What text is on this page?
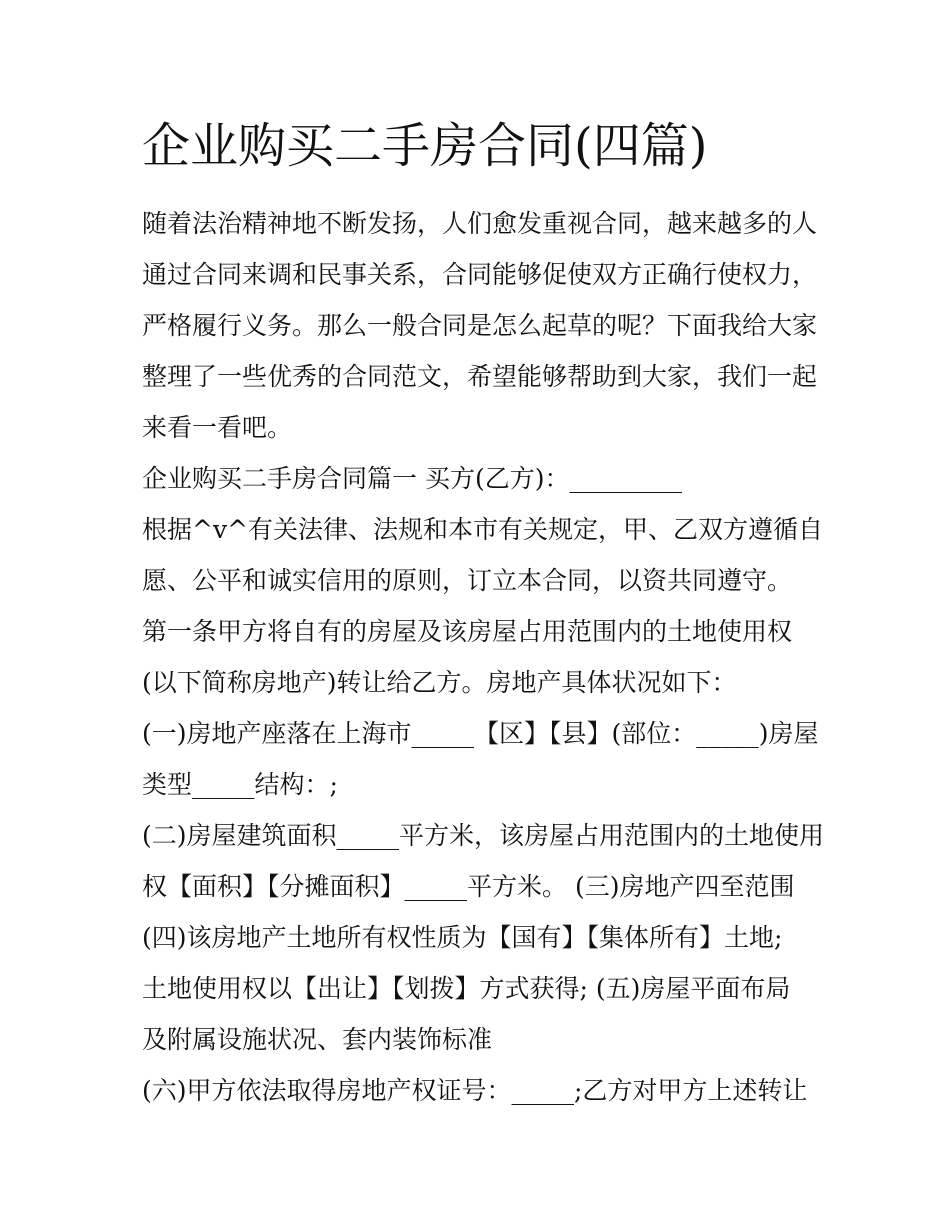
企业购买二手房合同(四篇)

随着法治精神地不断发扬，人们愈发重视合同，越来越多的人

通过合同来调和民事关系，合同能够促使双方正确行使权力，

严格履行义务。那么一般合同是怎么起草的呢？下面我给大家

整理了一些优秀的合同范文，希望能够帮助到大家，我们一起

来看一看吧。

企业购买二手房合同篇一 买方(乙方)：_________

根据^v^有关法律、法规和本市有关规定，甲、乙双方遵循自

愿、公平和诚实信用的原则，订立本合同，以资共同遵守。

第一条甲方将自有的房屋及该房屋占用范围内的土地使用权

(以下简称房地产)转让给乙方。房地产具体状况如下：

(一)房地产座落在上海市_____【区】【县】(部位：_____)房屋

类型_____结构：;

(二)房屋建筑面积_____平方米，该房屋占用范围内的土地使用

权【面积】【分摊面积】_____平方米。 (三)房地产四至范围

(四)该房地产土地所有权性质为【国有】【集体所有】土地;

土地使用权以【出让】【划拨】方式获得; (五)房屋平面布局

及附属设施状况、套内装饰标准

(六)甲方依法取得房地产权证号：_____;乙方对甲方上述转让
